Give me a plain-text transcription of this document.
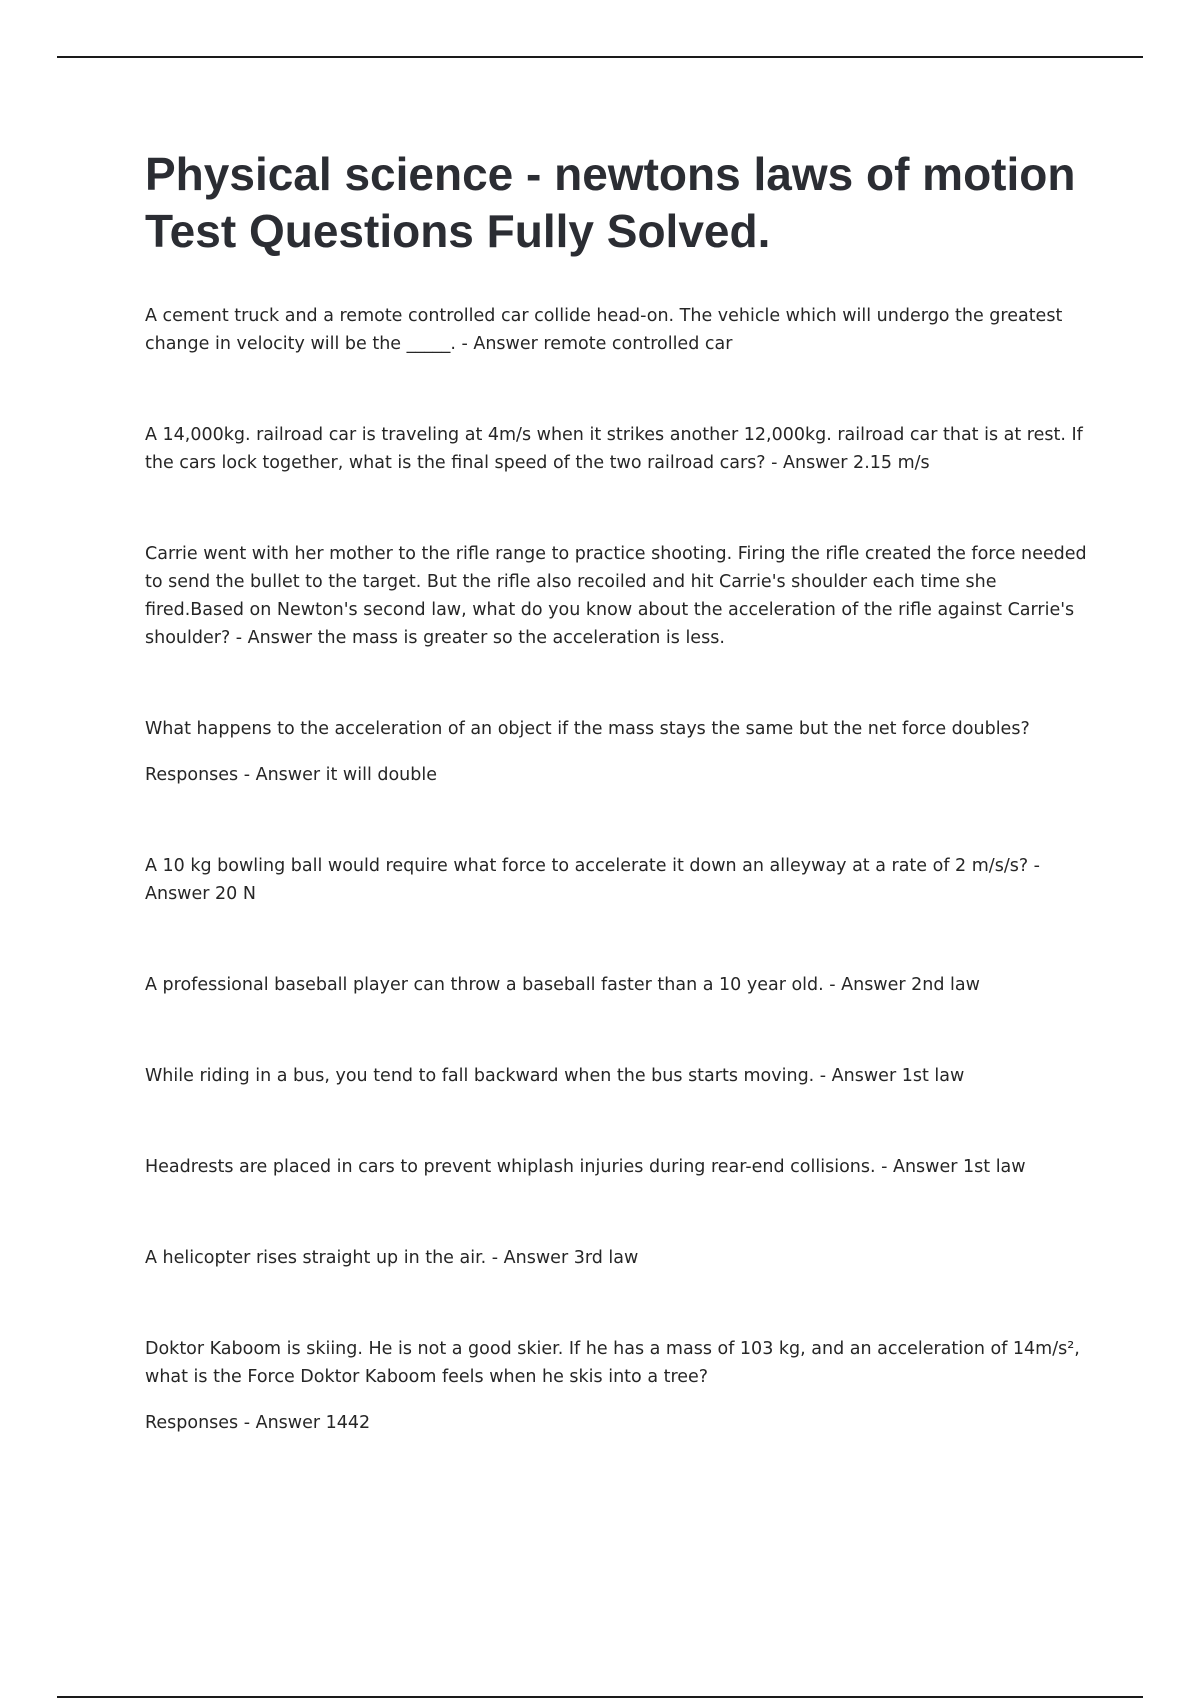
Physical science - newtons laws of motion Test Questions Fully Solved.

A cement truck and a remote controlled car collide head-on. The vehicle which will undergo the greatest change in velocity will be the _____. - Answer remote controlled car

A 14,000kg. railroad car is traveling at 4m/s when it strikes another 12,000kg. railroad car that is at rest. If the cars lock together, what is the final speed of the two railroad cars? - Answer 2.15 m/s

Carrie went with her mother to the rifle range to practice shooting. Firing the rifle created the force needed to send the bullet to the target. But the rifle also recoiled and hit Carrie's shoulder each time she fired.Based on Newton's second law, what do you know about the acceleration of the rifle against Carrie's shoulder? - Answer the mass is greater so the acceleration is less.

What happens to the acceleration of an object if the mass stays the same but the net force doubles?

Responses - Answer it will double

A 10 kg bowling ball would require what force to accelerate it down an alleyway at a rate of 2 m/s/s? - Answer 20 N

A professional baseball player can throw a baseball faster than a 10 year old. - Answer 2nd law

While riding in a bus, you tend to fall backward when the bus starts moving. - Answer 1st law

Headrests are placed in cars to prevent whiplash injuries during rear-end collisions. - Answer 1st law

A helicopter rises straight up in the air. - Answer 3rd law

Doktor Kaboom is skiing. He is not a good skier. If he has a mass of 103 kg, and an acceleration of 14m/s², what is the Force Doktor Kaboom feels when he skis into a tree?

Responses - Answer 1442
